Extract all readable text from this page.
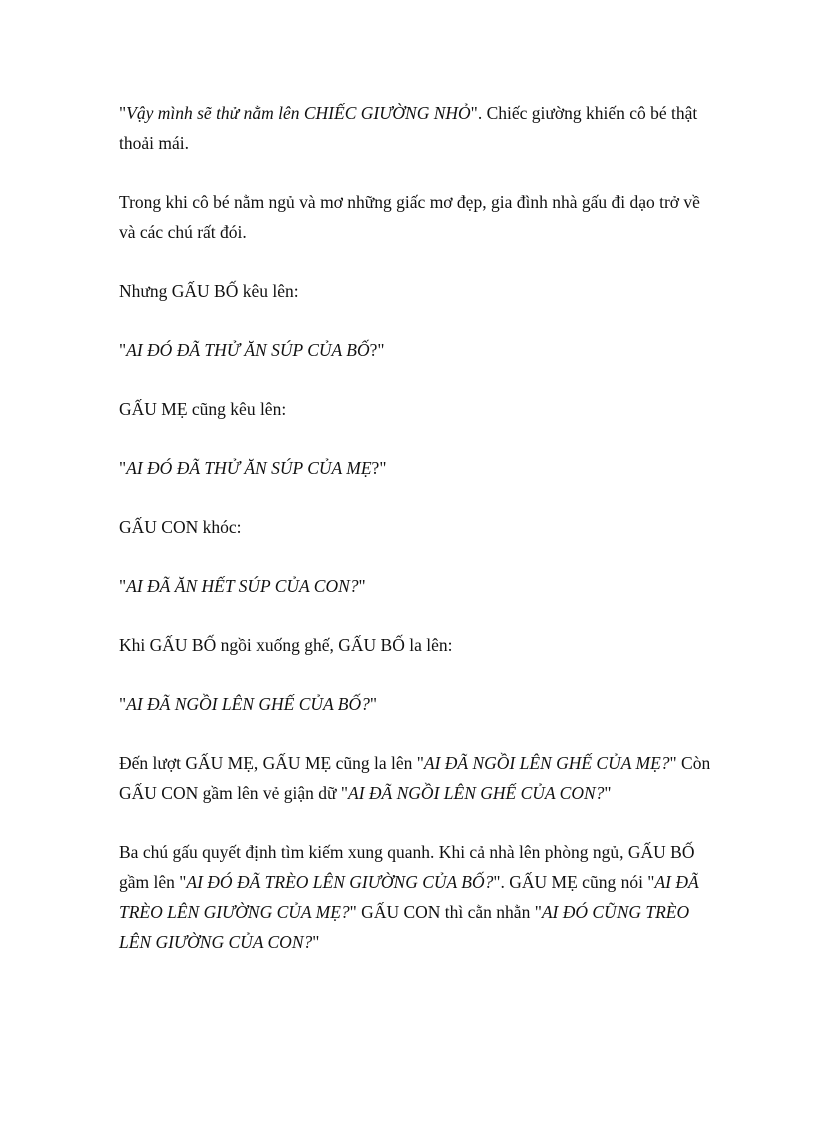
"Vậy mình sẽ thử nằm lên CHIẾC GIƯỜNG NHỎ". Chiếc giường khiến cô bé thật thoải mái.

Trong khi cô bé nằm ngủ và mơ những giấc mơ đẹp, gia đình nhà gấu đi dạo trở về và các chú rất đói.

Nhưng GẤU BỐ kêu lên:

"AI ĐÓ ĐÃ THỬ ĂN SÚP CỦA BỐ?"

GẤU MẸ cũng kêu lên:

"AI ĐÓ ĐÃ THỬ ĂN SÚP CỦA MẸ?"

GẤU CON khóc:

"AI ĐÃ ĂN HẾT SÚP CỦA CON?"

Khi GẤU BỐ ngồi xuống ghế, GẤU BỐ la lên:

"AI ĐÃ NGỒI LÊN GHẾ CỦA BỐ?"

Đến lượt GẤU MẸ, GẤU MẸ cũng la lên "AI ĐÃ NGỒI LÊN GHẾ CỦA MẸ?" Còn GẤU CON gầm lên vẻ giận dữ "AI ĐÃ NGỒI LÊN GHẾ CỦA CON?"

Ba chú gấu quyết định tìm kiếm xung quanh. Khi cả nhà lên phòng ngủ, GẤU BỐ gầm lên "AI ĐÓ ĐÃ TRÈO LÊN GIƯỜNG CỦA BỐ?". GẤU MẸ cũng nói "AI ĐÃ TRÈO LÊN GIƯỜNG CỦA MẸ?" GẤU CON thì cằn nhằn "AI ĐÓ CŨNG TRÈO LÊN GIƯỜNG CỦA CON?"
